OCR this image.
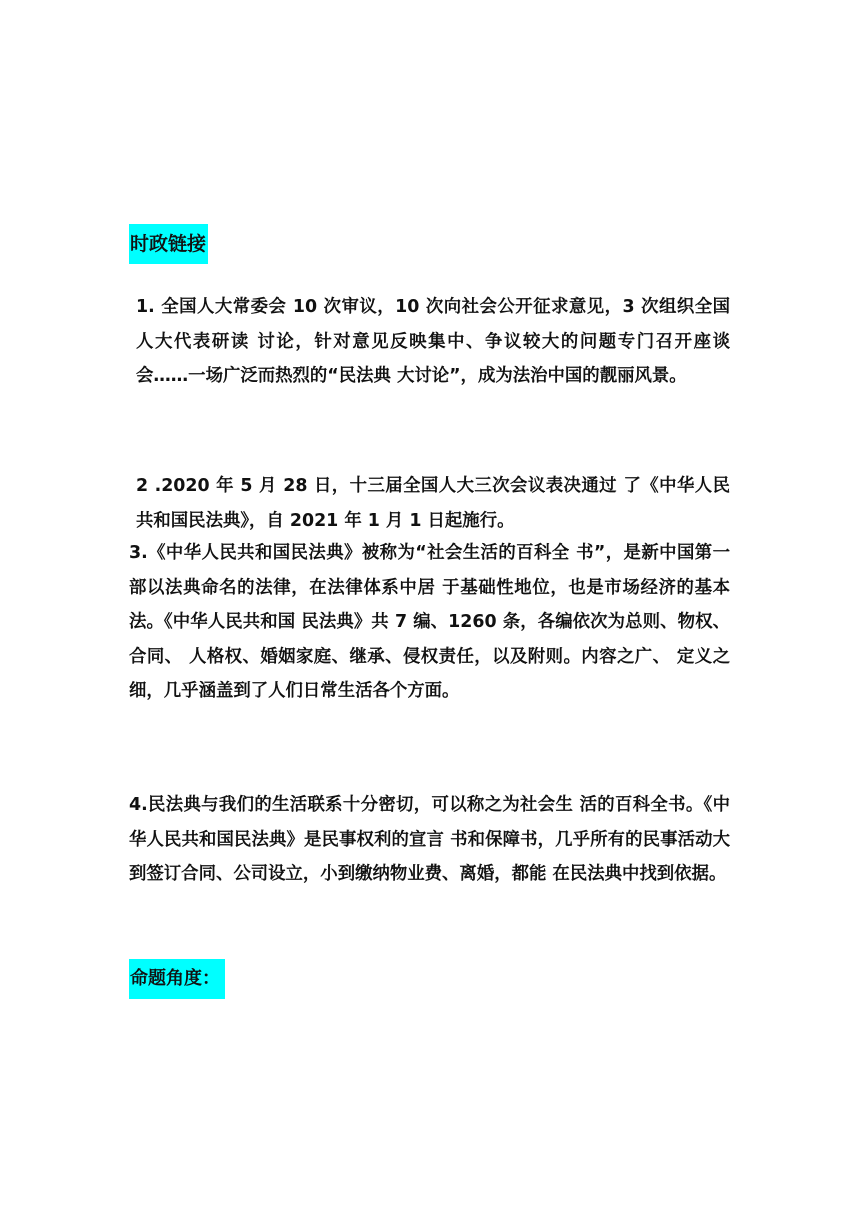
时政链接

1. 全国人大常委会 10 次审议，10 次向社会公开征求意见，3 次组织全国人大代表研读 讨论，针对意见反映集中、争议较大的问题专门召开座谈会……一场广泛而热烈的“民法典 大讨论”，成为法治中国的靓丽风景。

2 .2020 年 5 月 28 日，十三届全国人大三次会议表决通过 了《中华人民共和国民法典》，自 2021 年 1 月 1 日起施行。

3.《中华人民共和国民法典》被称为“社会生活的百科全 书”，是新中国第一部以法典命名的法律，在法律体系中居 于基础性地位，也是市场经济的基本法。《中华人民共和国 民法典》共 7 编、1260 条，各编依次为总则、物权、合同、 人格权、婚姻家庭、继承、侵权责任，以及附则。内容之广、 定义之细，几乎涵盖到了人们日常生活各个方面。

4.民法典与我们的生活联系十分密切，可以称之为社会生 活的百科全书。《中华人民共和国民法典》是民事权利的宣言 书和保障书，几乎所有的民事活动大到签订合同、公司设立，小到缴纳物业费、离婚，都能 在民法典中找到依据。

命题角度：
